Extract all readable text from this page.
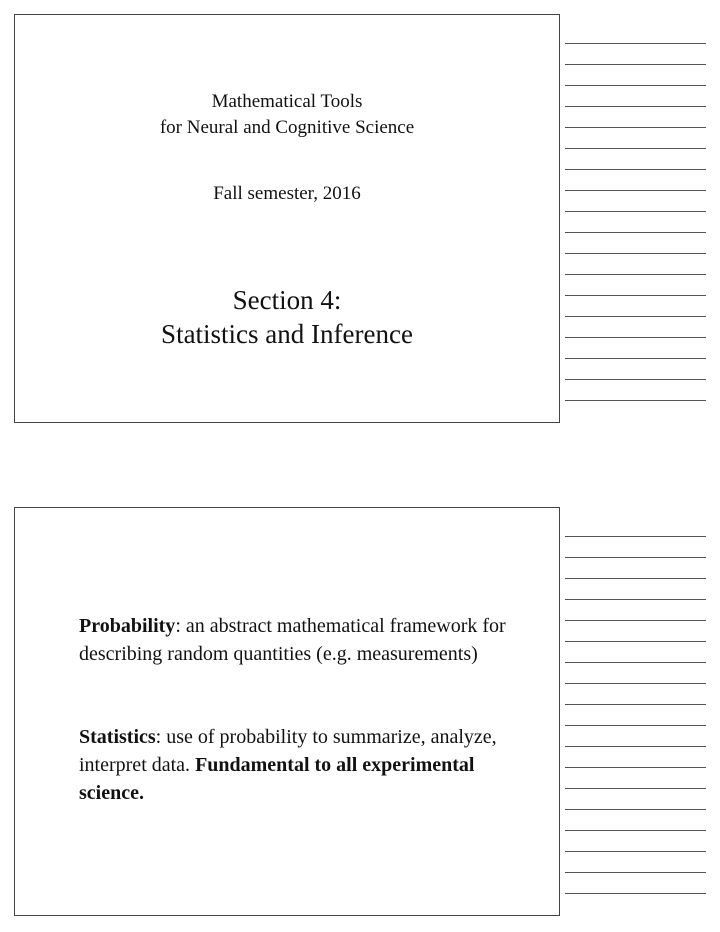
Mathematical Tools
for Neural and Cognitive Science
Fall semester, 2016
Section 4:
Statistics and Inference
Probability: an abstract mathematical framework for describing random quantities (e.g. measurements)
Statistics: use of probability to summarize, analyze, interpret data. Fundamental to all experimental science.
